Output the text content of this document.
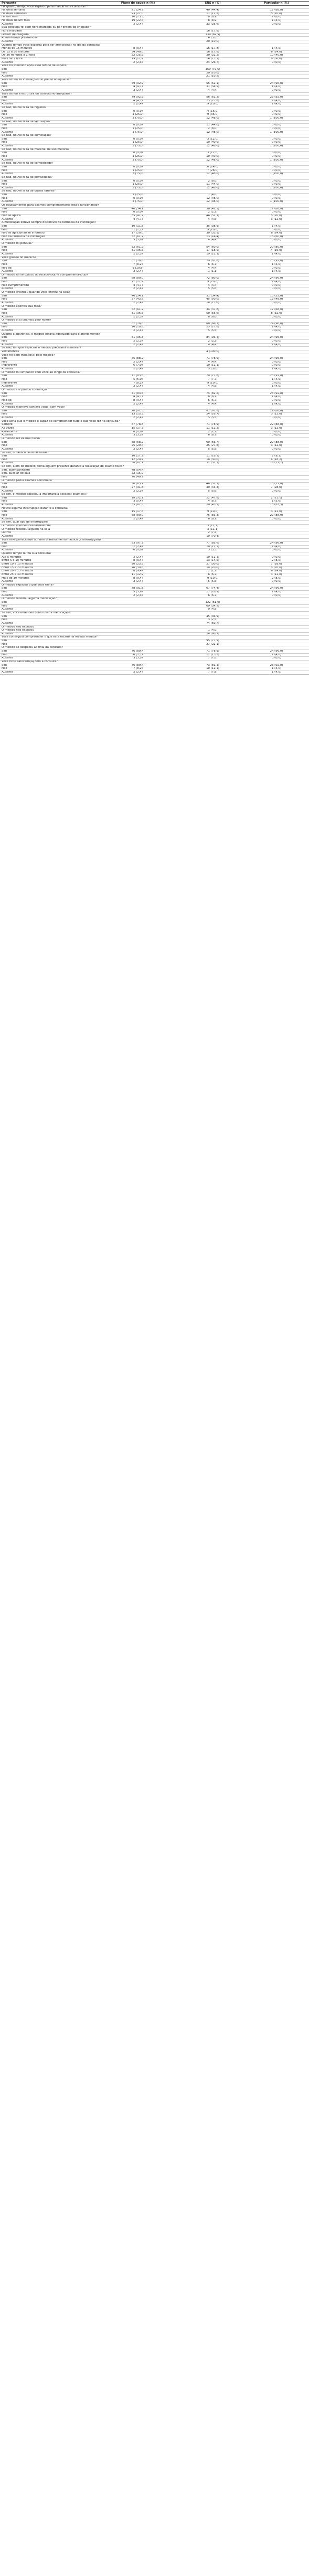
Pergunta	Plano de saúde n (%)	SUS n (%)	Particular n (%)
Há quanto tempo você esperou para marcar esta consulta?
Há uma semana	21 (24,7)	40 (44,4)	17 (68,0)
Há duas semanas	23 (27,0)	11 (12,2)	5 (20,0)
Há um mês	20 (23,5)	8 (8,9)	2 (8,0)
Há mais de um mês	19 (22,4)	8 (8,9)	1 (4,0)
Ausente	2 (2,4)	23 (25,6)	0 (0,0)
Sua consulta foi com hora marcada ou por ordem de chegada?
Hora marcada	16 (17,8)
Ordem de chegada	139 (69,5)
Atendimento preferencial	6 (3,0)
Ausente	20 (10,0)
Quanto tempo você esperou para ser atendido(a) no dia da consulta?
Menos de 15 minutos	8 (9,4)	16 (17,8)	1 (4,0)
De 15 a 30 minutos	34 (40,0)	16 (17,8)	6 (24,0)
De 30 minutos a 1 hora	22 (25,9)	20 (22,2)	10 (40,0)
Mais de 1 hora	19 (22,4)	14 (15,5)	9 (36,0)
Ausente	2 (2,3)	24 (26,7)	0 (0,0)
Você foi atendido após esse tempo de espera?
Sim	159 (79,5)
Não	20 (10,0)
Ausente	21 (10,5)
Você achou as instalações do prédio adequadas?
Sim	79 (92,9)	55 (61,1)	24 (96,0)
Não	4 (4,7)	31 (34,5)	1 (4,0)
Ausente	2 (2,4)	4 (4,4)	0 (0,0)
Você achou a estrutura do consultório adequada?
Sim	79 (92,9)	56 (62,2)	23 (92,0)
Não	4 (4,7)	25 (27,8)	1 (4,0)
Ausente	2 (2,4)	9 (10,0)	1 (4,0)
Se não, houve falta de higiene?
Sim	0 (0,0)	4 (16,0)	0 (0,0)
Não	1 (25,0)	9 (36,0)	0 (0,0)
Ausente	3 (75,0)	12 (48,0)	1 (100,0)
Se não, houve falta de ventilação?
Sim	0 (0,0)	11 (44,0)	0 (0,0)
Não	1 (25,0)	2 (8,0)	0 (0,0)
Ausente	3 (75,0)	12 (48,0)	1 (100,0)
Se não, houve falta de iluminação?
Sim	0 (0,0)	3 (12,0)	0 (0,0)
Não	1 (25,0)	10 (40,0)	0 (0,0)
Ausente	3 (75,0)	12 (48,0)	1 (100,0)
Se não, houve falta de material de uso médico?
Sim	0 (0,0)	3 (12,0)	0 (0,0)
Não	1 (25,0)	10 (40,0)	0 (0,0)
Ausente	3 (75,0)	12 (48,0)	1 (100,0)
Se não, houve falta de comodidade?
Sim	0 (0,0)	6 (24,0)	0 (0,0)
Não	1 (25,0)	7 (28,0)	0 (0,0)
Ausente	3 (75,0)	12 (48,0)	1 (100,0)
Se não, houve falta de privacidade?
Sim	0 (0,0)	2 (8,0)	0 (0,0)
Não	1 (25,0)	11 (44,0)	0 (0,0)
Ausente	3 (75,0)	12 (48,0)	1 (100,0)
Se não, houve falta de outros fatores?
Sim	1 (25,0)	1 (4,0)	0 (0,0)
Não	0 (0,0)	12 (48,0)	0 (0,0)
Ausente	3 (75,0)	12 (48,0)	1 (100,0)
Os equipamentos para exames complementares estão funcionando?
Sim	46 (54,1)	38 (42,2)	17 (68,0)
Não	0 (0,0)	2 (2,2)	0 (0,0)
Não se aplica	35 (41,2)	46 (51,1)	5 (20,0)
Ausente	4 (4,7)	4 (4,5)	3 (12,0)
A medicação esteve sempre disponível na farmácia da instituição?
Sim	10 (11,8)	35 (38,9)	1 (4,0)
Não	1 (1,2)	9 (10,0)	0 (0,0)
Não se aplica/não se informou	17 (20,0)	30 (33,3)	6 (24,0)
Não há farmácia na instituição	52 (61,2)	13 (14,4)	15 (60,0)
Ausente	5 (5,8)	4 (4,4)	0 (0,0)
O médico foi pontual?
Sim	52 (61,2)	54 (60,0)	20 (80,0)
Não	31 (36,5)	17 (18,9)	4 (16,0)
Ausente	2 (2,3)	19 (21,1)	1 (4,0)
Você gostou do médico?
Sim	67 (78,8)	79 (87,8)	23 (92,0)
Não	7 (8,2)	6 (6,7)	1 (4,0)
Não sei	9 (10,6)	4 (4,4)	0 (0,0)
Ausente	2 (2,4)	1 (1,1)	1 (4,0)
O médico foi simpático ao recebê-lo(a) e cumprimentá-lo(a)?
Sim	68 (80,0)	72 (80,0)	24 (96,0)
Não	11 (12,9)	9 (10,0)	1 (4,0)
Não cumprimentou	4 (4,7)	4 (4,4)	0 (0,0)
Ausente	2 (2,4)	5 (5,6)	0 (0,0)
O médico levantou quando você entrou na sala?
Sim	46 (54,1)	31 (34,4)	13 (52,0)
Não	37 (43,5)	45 (50,0)	12 (48,0)
Ausente	2 (2,4)	14 (15,6)	0 (0,0)
O médico apertou sua mão?
Sim	52 (61,2)	34 (37,8)	17 (68,0)
Não	31 (36,5)	50 (55,6)	8 (32,0)
Ausente	2 (2,3)	6 (6,6)	0 (0,0)
O médico o(a) chamou pelo nome?
Sim	67 (78,8)	60 (66,7)	24 (96,0)
Não	16 (18,8)	25 (27,8)	1 (4,0)
Ausente	2 (2,4)	5 (5,5)	0 (0,0)
Quanto à aparência, o médico estava adequado para o atendimento?
Sim	81 (95,3)	84 (93,4)	24 (96,0)
Não	2 (2,3)	2 (2,2)	0 (0,0)
Ausente	2 (2,4)	4 (4,4)	1 (4,0)
Se não, em que aspectos o médico precisaria melhorar?
Vestimentas	4 (100,0)
Você foi bem tratado(a) pelo médico?
Sim	75 (88,2)	71 (78,9)	24 (96,0)
Não	2 (2,4)	4 (4,4)	0 (0,0)
Indiferente	6 (7,0)	10 (11,1)	0 (0,0)
Ausente	2 (2,4)	5 (5,6)	1 (4,0)
O médico foi simpático com você ao longo da consulta?
Sim	71 (83,5)	70 (77,8)	23 (92,0)
Não	5 (5,9)	7 (7,7)	1 (4,0)
Indiferente	7 (8,2)	9 (10,0)	0 (0,0)
Ausente	2 (2,4)	4 (4,5)	1 (4,0)
O médico lhe passou confiança?
Sim	71 (83,5)	74 (82,2)	23 (92,0)
Não	4 (4,7)	6 (6,7)	1 (4,0)
Não sei	8 (9,4)	6 (6,7)	0 (0,0)
Ausente	2 (2,4)	4 (4,4)	1 (4,0)
O médico manteve contato visual com você?
Sim	70 (82,3)	61 (67,8)	22 (88,0)
Não	13 (15,3)	24 (26,7)	3 (12,0)
Ausente	2 (2,4)	5 (5,5)	0 (0,0)
Você acha que o médico é capaz de compreender tudo o que você diz na consulta?
Sempre	67 (78,8)	71 (78,9)	22 (88,0)
Às vezes	15 (17,7)	11 (12,2)	3 (12,0)
Raramente	0 (0,0)	2 (2,2)	0 (0,0)
Ausente	3 (3,5)	6 (6,7)	0 (0,0)
O médico fez exame físico?
Sim	58 (68,2)	60 (66,7)	22 (88,0)
Não	25 (29,4)	25 (27,8)	3 (12,0)
Ausente	2 (2,4)	5 (5,5)	0 (0,0)
Se sim, o médico lavou as mãos?
Sim	10 (17,2)	11 (18,3)	2 (9,1)
Não	12 (20,7)	18 (30,0)	4 (18,2)
Ausente	36 (62,1)	31 (51,7)	16 (72,7)
Se sim, além do médico, tinha alguém presente durante a realização do exame físico?
Sim, acompanhante	48 (54,4)
Sim, auxiliar de sala	22 (15,9)
Não	70 (49,7)
O médico pediu exames adicionais?
Sim	56 (65,9)	46 (51,1)	18 (72,0)
Não	27 (31,8)	39 (43,3)	7 (28,0)
Ausente	2 (2,3)	5 (5,6)	0 (0,0)
Se sim, o médico explicou a importância desse(s) exame(s)?
Sim	18 (52,1)	22 (47,8)	2 (11,1)
Não	3 (5,4)	4 (8,7)	1 (5,6)
Ausente	35 (62,5)	20 (43,5)	15 (83,3)
Houve alguma interrupção durante a consulta?
Sim	15 (17,6)	9 (10,0)	3 (12,0)
Não	68 (80,0)	75 (83,3)	22 (88,0)
Ausente	2 (2,4)	6 (6,7)	0 (0,0)
Se sim, qual tipo de interrupção?
O médico atendeu celular/telefone	3 (11,1)
O médico recebeu alguém na sala	3 (11,1)
Outros	2 (7,4)
Ausente	19 (70,4)
Você teve privacidade durante o atendimento médico (a interrupção)?
Sim	83 (97,7)	77 (85,6)	24 (96,0)
Não	2 (2,4)	10 (11,1)	1 (4,0)
Ausente	0 (0,0)	3 (3,3)	0 (0,0)
Quanto tempo durou sua consulta?
Até 5 minutos	2 (2,4)	10 (11,1)	0 (0,0)
Entre 5 e 10 minutos	8 (9,4)	13 (14,5)	2 (8,0)
Entre 10 e 15 minutos	20 (23,5)	27 (30,0)	7 (28,0)
Entre 15 e 20 minutos	26 (30,6)	18 (20,0)	5 (20,0)
Entre 20 e 25 minutos	8 (9,4)	2 (2,2)	6 (24,0)
Entre 25 e 30 minutos	11 (12,9)	6 (6,7)	3 (12,0)
Mais de 30 minutos	8 (9,4)	9 (10,0)	2 (8,0)
Ausente	2 (2,4)	5 (5,5)	0 (0,0)
O médico explicou o que você tinha?
Sim	78 (91,8)	67 (74,4)	24 (96,0)
Não	5 (5,9)	17 (18,9)	1 (4,0)
Ausente	2 (2,3)	6 (6,7)	0 (0,0)
O médico receitou alguma medicação?
Sim	122 (61,0)
Não	69 (34,5)
Ausente	9 (4,5)
Se sim, você entendeu como usar a medicação?
Sim	45 (36,9)
Não	3 (2,5)
Ausente	74 (60,7)
O médico não explicou
O médico não explicou	1 (4,0)
Ausente	24 (60,7)
Você conseguiu compreender o que está escrito na receita médica?
Sim	95 (77,9)
Não	27 (22,1)
O médico se despediu ao final da consulta?
Sim	76 (89,4)	71 (78,9)	24 (96,0)
Não	6 (7,1)	12 (13,3)	1 (4,0)
Ausente	3 (3,5)	7 (7,8)	0 (0,0)
Você ficou satisfeito(a) com a consulta?
Sim	76 (89,4)	73 (81,1)	23 (92,0)
Não	7 (8,2)	10 (11,1)	1 (4,0)
Ausente	2 (2,4)	7 (7,8)	1 (4,0)
